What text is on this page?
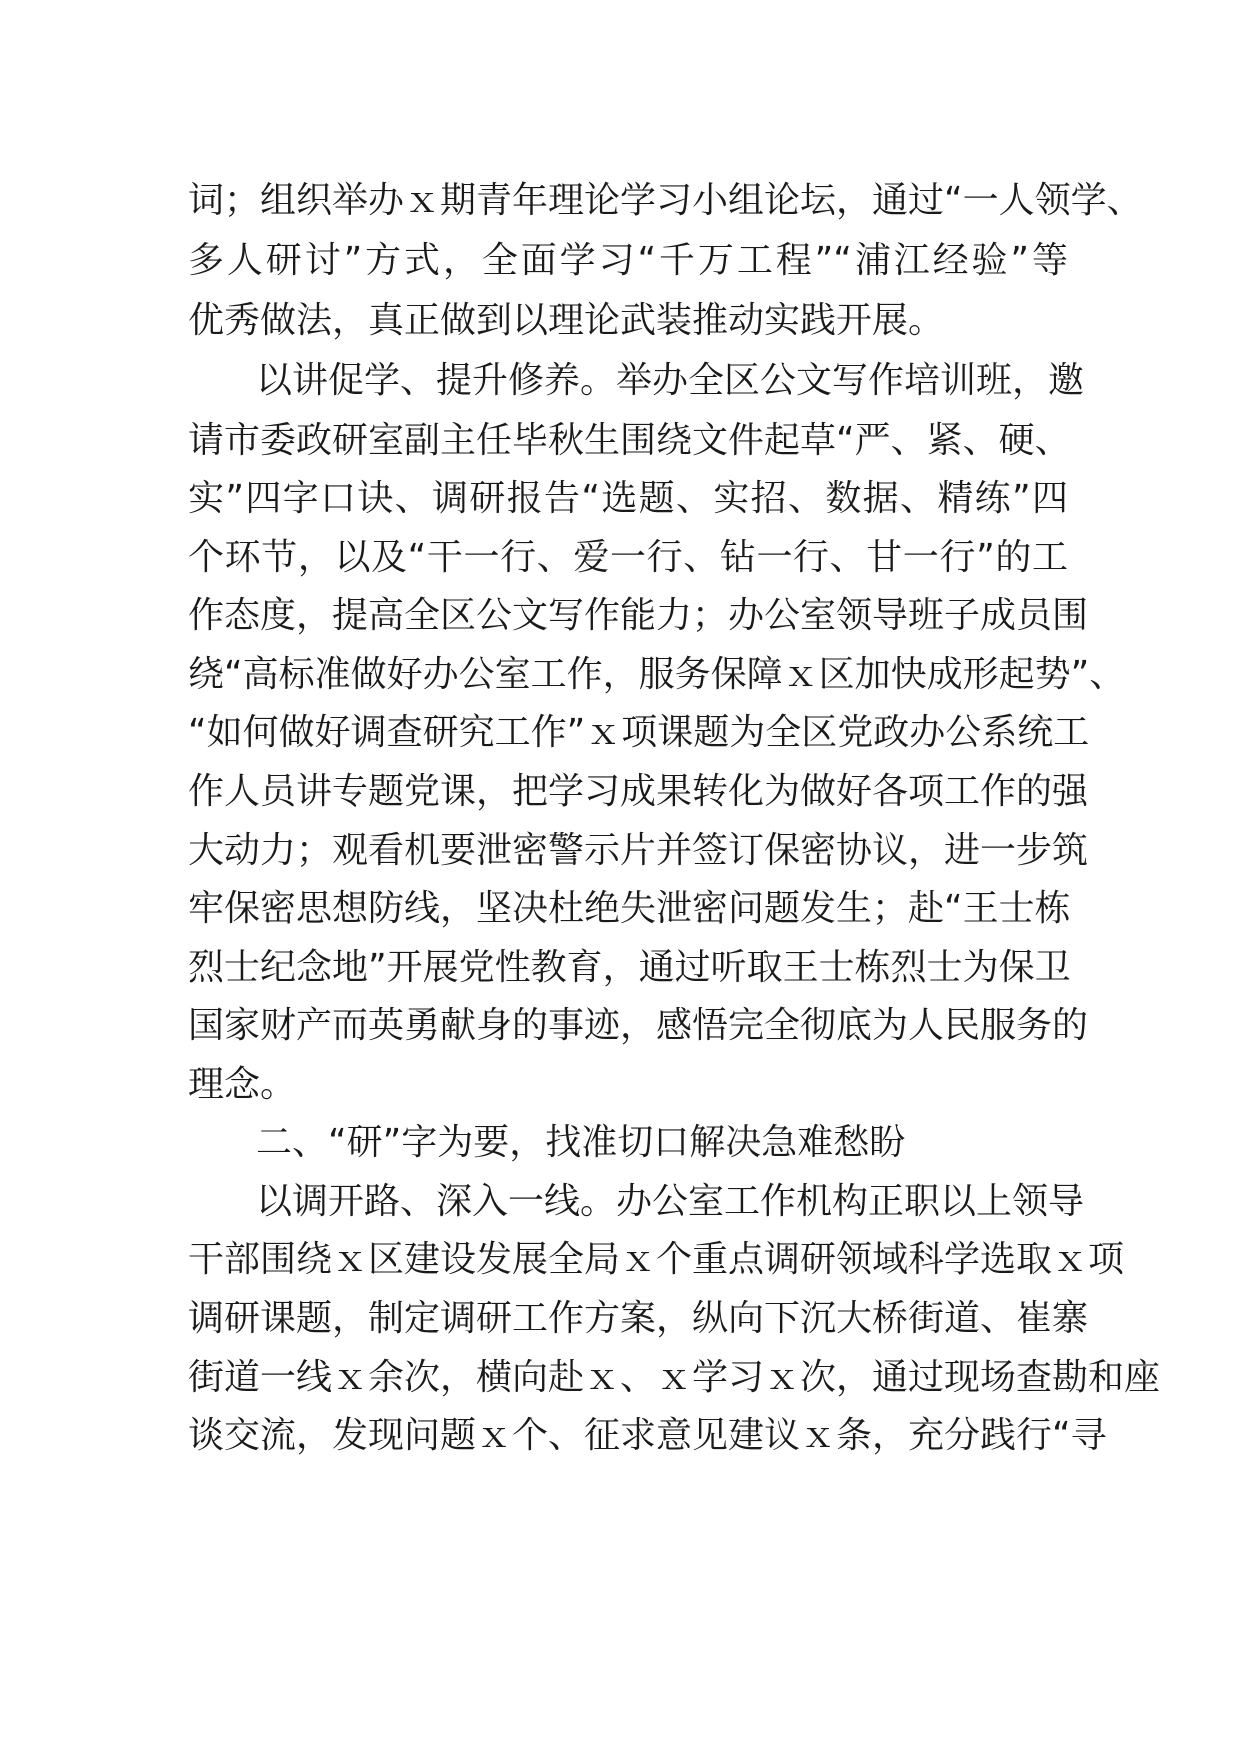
词；组织举办ｘ期青年理论学习小组论坛，通过“一人领学、
多人研讨”方式，全面学习“千万工程”“浦江经验”等
优秀做法，真正做到以理论武装推动实践开展。
以讲促学、提升修养。举办全区公文写作培训班，邀
请市委政研室副主任毕秋生围绕文件起草“严、紧、硬、
实”四字口诀、调研报告“选题、实招、数据、精练”四
个环节，以及“干一行、爱一行、钻一行、甘一行”的工
作态度，提高全区公文写作能力；办公室领导班子成员围
绕“高标准做好办公室工作，服务保障ｘ区加快成形起势”、
“如何做好调查研究工作”ｘ项课题为全区党政办公系统工
作人员讲专题党课，把学习成果转化为做好各项工作的强
大动力；观看机要泄密警示片并签订保密协议，进一步筑
牢保密思想防线，坚决杜绝失泄密问题发生；赴“王士栋
烈士纪念地”开展党性教育，通过听取王士栋烈士为保卫
国家财产而英勇献身的事迹，感悟完全彻底为人民服务的
理念。
二、“研”字为要，找准切口解决急难愁盼
以调开路、深入一线。办公室工作机构正职以上领导
干部围绕ｘ区建设发展全局ｘ个重点调研领域科学选取ｘ项
调研课题，制定调研工作方案，纵向下沉大桥街道、崔寨
街道一线ｘ余次，横向赴ｘ、ｘ学习ｘ次，通过现场查勘和座
谈交流，发现问题ｘ个、征求意见建议ｘ条，充分践行“寻
